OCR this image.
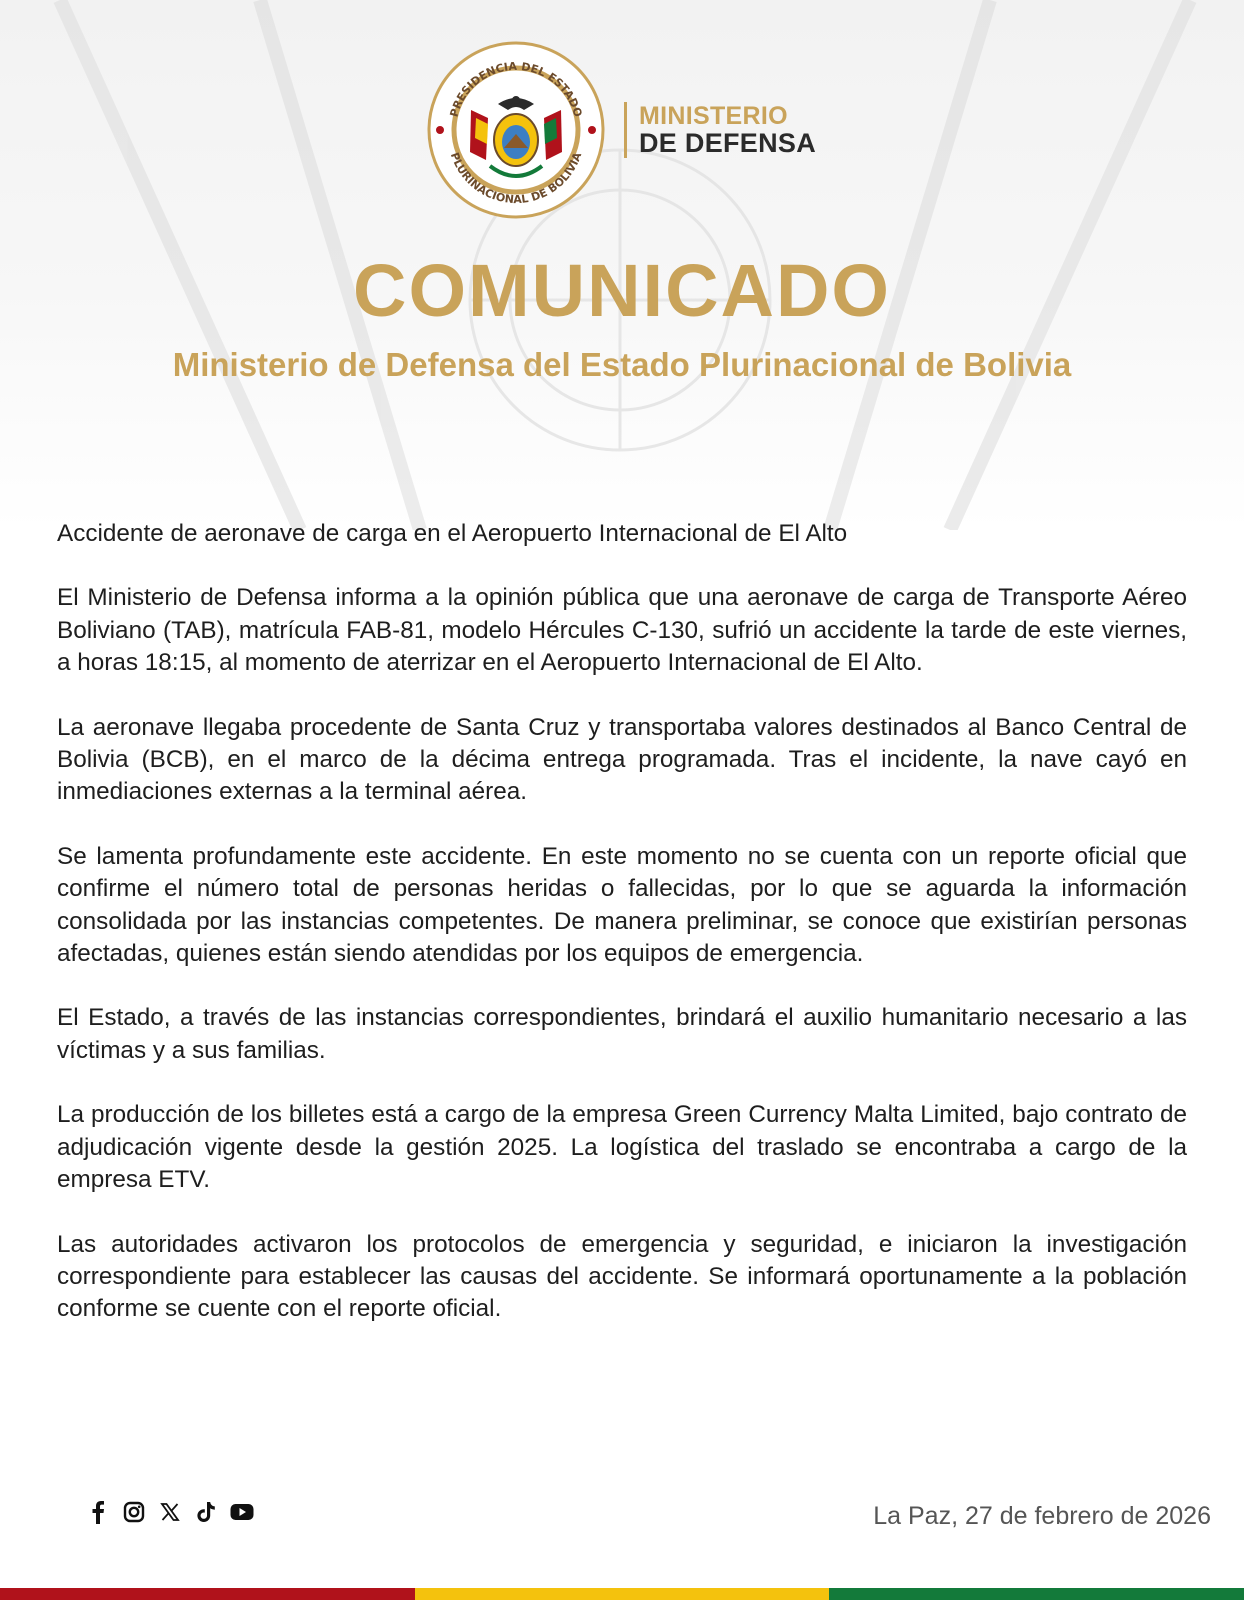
PRESIDENCIA DEL ESTADO
PLURINACIONAL DE BOLIVIA
MINISTERIO
DE DEFENSA
COMUNICADO
Ministerio de Defensa del Estado Plurinacional de Bolivia

Accidente de aeronave de carga en el Aeropuerto Internacional de El Alto

El Ministerio de Defensa informa a la opinión pública que una aeronave de carga de Transporte Aéreo Boliviano (TAB), matrícula FAB-81, modelo Hércules C-130, sufrió un accidente la tarde de este viernes, a horas 18:15, al momento de aterrizar en el Aeropuerto Internacional de El Alto.

La aeronave llegaba procedente de Santa Cruz y transportaba valores destinados al Banco Central de Bolivia (BCB), en el marco de la décima entrega programada. Tras el incidente, la nave cayó en inmediaciones externas a la terminal aérea.

Se lamenta profundamente este accidente. En este momento no se cuenta con un reporte oficial que confirme el número total de personas heridas o fallecidas, por lo que se aguarda la información consolidada por las instancias competentes. De manera preliminar, se conoce que existirían personas afectadas, quienes están siendo atendidas por los equipos de emergencia.

El Estado, a través de las instancias correspondientes, brindará el auxilio humanitario necesario a las víctimas y a sus familias.

La producción de los billetes está a cargo de la empresa Green Currency Malta Limited, bajo contrato de adjudicación vigente desde la gestión 2025. La logística del traslado se encontraba a cargo de la empresa ETV.

Las autoridades activaron los protocolos de emergencia y seguridad, e iniciaron la investigación correspondiente para establecer las causas del accidente. Se informará oportunamente a la población conforme se cuente con el reporte oficial.

La Paz, 27 de febrero de 2026
